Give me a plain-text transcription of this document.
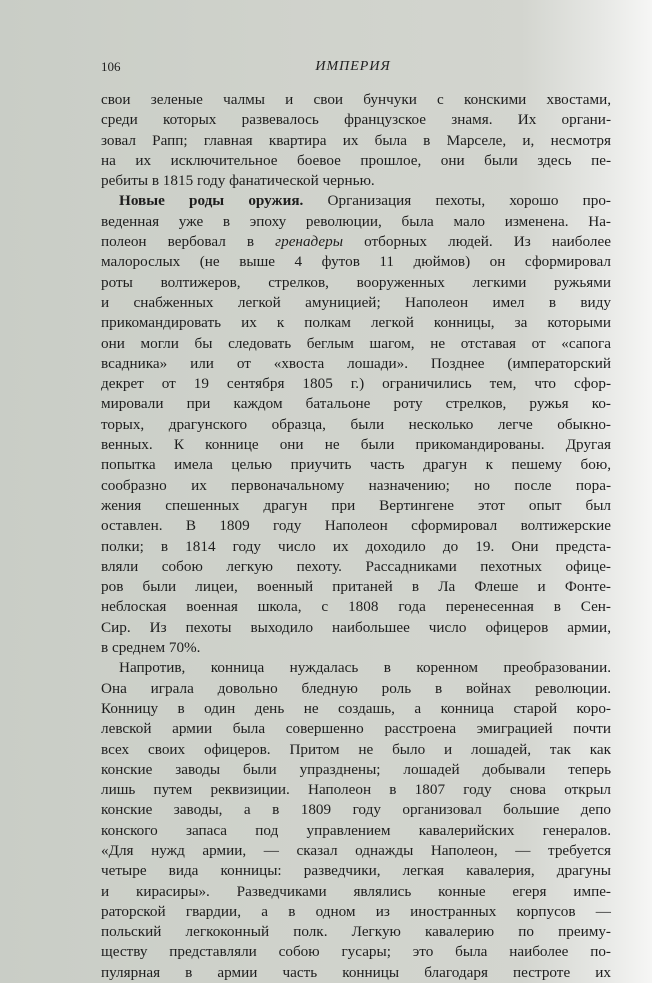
106	ИМПЕРИЯ
свои зеленые чалмы и свои бунчуки с конскими хвостами,
среди которых развевалось французское знамя. Их органи-
зовал Рапп; главная квартира их была в Марселе, и, несмотря
на их исключительное боевое прошлое, они были здесь пе-
ребиты в 1815 году фанатической чернью.
Новые роды оружия. Организация пехоты, хорошо про-
веденная уже в эпоху революции, была мало изменена. На-
полеон вербовал в гренадеры отборных людей. Из наиболее
малорослых (не выше 4 футов 11 дюймов) он сформировал
роты волтижеров, стрелков, вооруженных легкими ружьями
и снабженных легкой амуницией; Наполеон имел в виду
прикомандировать их к полкам легкой конницы, за которыми
они могли бы следовать беглым шагом, не отставая от «сапога
всадника» или от «хвоста лошади». Позднее (императорский
декрет от 19 сентября 1805 г.) ограничились тем, что сфор-
мировали при каждом батальоне роту стрелков, ружья ко-
торых, драгунского образца, были несколько легче обыкно-
венных. К коннице они не были прикомандированы. Другая
попытка имела целью приучить часть драгун к пешему бою,
сообразно их первоначальному назначению; но после пора-
жения спешенных драгун при Вертингене этот опыт был
оставлен. В 1809 году Наполеон сформировал волтижерские
полки; в 1814 году число их доходило до 19. Они предста-
вляли собою легкую пехоту. Рассадниками пехотных офице-
ров были лицеи, военный пританей в Ла Флеше и Фонте-
неблоская военная школа, с 1808 года перенесенная в Сен-
Сир. Из пехоты выходило наибольшее число офицеров армии,
в среднем 70%.
Напротив, конница нуждалась в коренном преобразовании.
Она играла довольно бледную роль в войнах революции.
Конницу в один день не создашь, а конница старой коро-
левской армии была совершенно расстроена эмиграцией почти
всех своих офицеров. Притом не было и лошадей, так как
конские заводы были упразднены; лошадей добывали теперь
лишь путем реквизиции. Наполеон в 1807 году снова открыл
конские заводы, а в 1809 году организовал большие депо
конского запаса под управлением кавалерийских генералов.
«Для нужд армии, — сказал однажды Наполеон, — требуется
четыре вида конницы: разведчики, легкая кавалерия, драгуны
и кирасиры». Разведчиками являлись конные егеря импе-
раторской гвардии, а в одном из иностранных корпусов —
польский легкоконный полк. Легкую кавалерию по преиму-
ществу представляли собою гусары; это была наиболее по-
пулярная в армии часть конницы благодаря пестроте их
